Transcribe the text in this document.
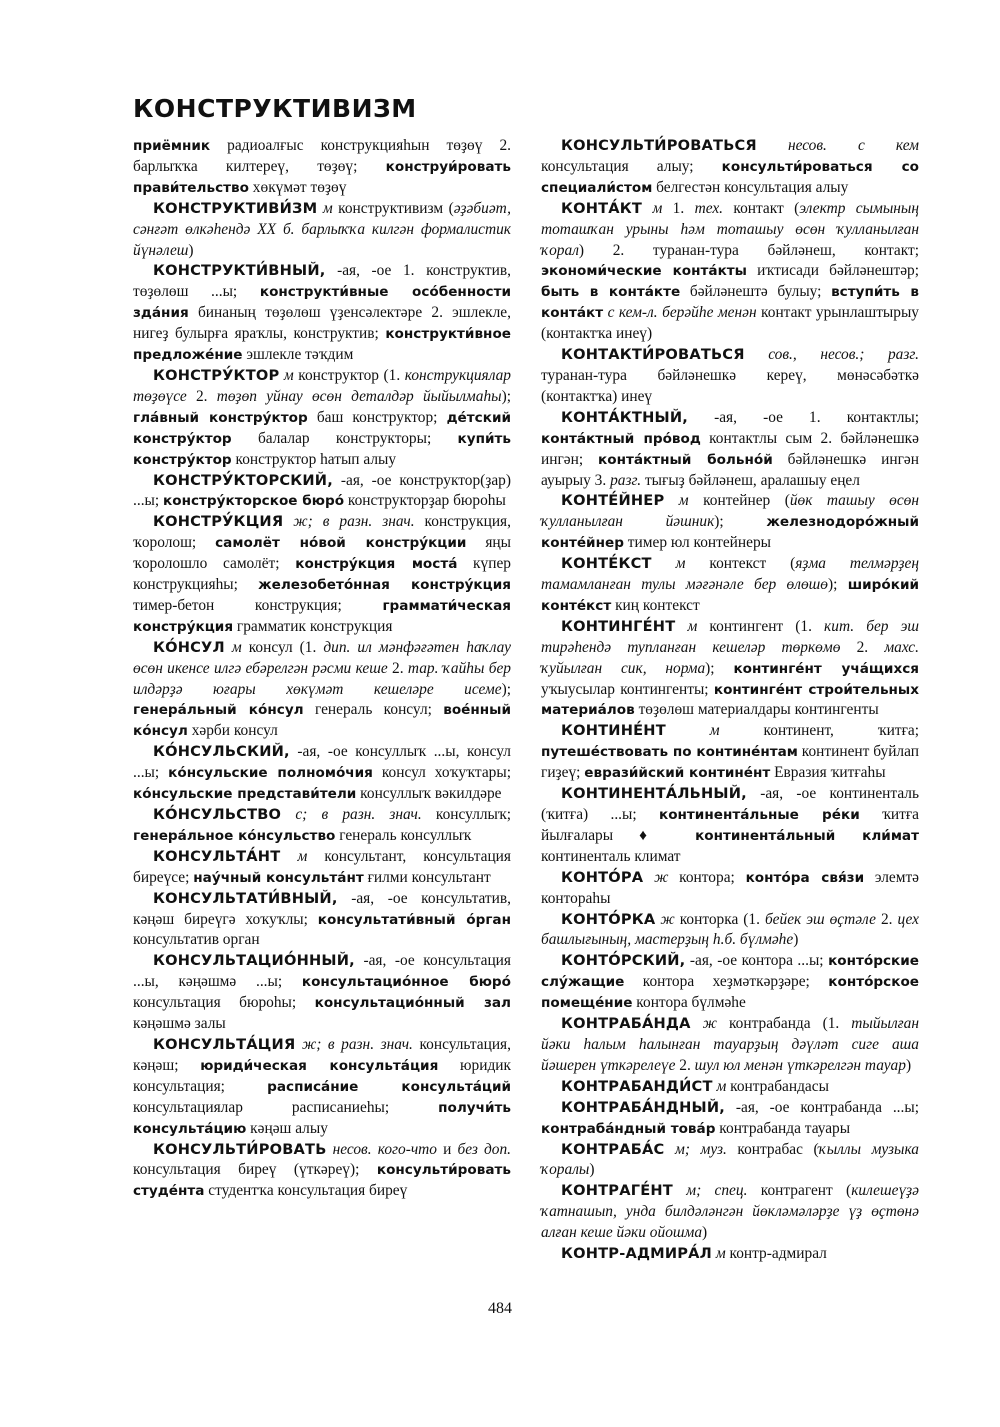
КОНСТРУКТИВИЗМ

приёмник радиоалғыс конструкцияһын төҙөү 2. барлыҡҡа килтереү, төҙөү; конструи́ровать прави́тельство хөкүмәт төҙөү

КОНСТРУКТИВИ́ЗМ м конструктивизм (әҙәбиәт, сәнғәт өлкәһендә XX б. барлыҡҡа килгән формалистик йүнәлеш)

КОНСТРУКТИ́ВНЫЙ, -ая, -ое 1. конструктив, төҙөлөш ...ы; конструкти́вные осо́бенности зда́ния бинаның төҙөлөш үҙенсәлектәре 2. эшлекле, нигеҙ булырға яраҡлы, конструктив; конструкти́вное предложе́ние эшлекле тәҡдим

КОНСТРУ́КТОР м конструктор (1. конструкциялар төҙөүсе 2. төҙөп уйнау өсөн деталдәр йыйылмаһы); гла́вный констру́ктор баш конструктор; де́тский констру́ктор балалар конструкторы; купи́ть констру́ктор конструктор һатып алыу

КОНСТРУ́КТОРСКИЙ, -ая, -ое конструктор(ҙар) ...ы; констру́кторское бюро́ конструкторҙар бюроһы

КОНСТРУ́КЦИЯ ж; в разн. знач. конструкция, ҡоролош; самолёт но́вой констру́кции яңы ҡоролошло самолёт; констру́кция моста́ күпер конструкцияһы; железобето́нная констру́кция тимер-бетон конструкция; граммати́ческая констру́кция грамматик конструкция

КО́НСУЛ м консул (1. дип. ил мәнфәғәтен һаҡлау өсөн икенсе илгә ебәрелгән рәсми кеше 2. тар. ҡайһы бер илдәрҙә юғары хөкүмәт кешеләре исеме); генера́льный ко́нсул генераль консул; вое́нный ко́нсул хәрби консул

КО́НСУЛЬСКИЙ, -ая, -ое консуллыҡ ...ы, консул ...ы; ко́нсульские полномо́чия консул хоҡуҡтары; ко́нсульские представи́тели консуллыҡ вәкилдәре

КО́НСУЛЬСТВО с; в разн. знач. консуллыҡ; генера́льное ко́нсульство генераль консуллыҡ

КОНСУЛЬТА́НТ м консультант, консультация биреүсе; нау́чный консульта́нт ғилми консультант

КОНСУЛЬТАТИ́ВНЫЙ, -ая, -ое консультатив, кәңәш биреүгә хоҡуҡлы; консультати́вный о́рган консультатив орган

КОНСУЛЬТАЦИО́ННЫЙ, -ая, -ое консультация ...ы, кәңәшмә ...ы; консультацио́нное бюро́ консультация бюроһы; консультацио́нный зал кәңәшмә залы

КОНСУЛЬТА́ЦИЯ ж; в разн. знач. консультация, кәңәш; юриди́ческая консульта́ция юридик консультация; расписа́ние консульта́ций консультациялар расписаниеһы; получи́ть консульта́цию кәңәш алыу

КОНСУЛЬТИ́РОВАТЬ несов. кого-что и без доп. консультация биреү (үткәреү); консульти́ровать студе́нта студентҡа консультация биреү

КОНСУЛЬТИ́РОВАТЬСЯ несов. с кем консультация алыу; консульти́роваться со специали́стом белгестән консультация алыу

КОНТА́КТ м 1. тех. контакт (электр сымының тоташҡан урыны һәм тоташыу өсөн ҡулланылған ҡорал) 2. туранан-тура бәйләнеш, контакт; экономи́ческие конта́кты иҡтисади бәйләнештәр; быть в конта́кте бәйләнештә булыу; вступи́ть в конта́кт с кем-л. берәйһе менән контакт урынлаштырыу (контактҡа инеү)

КОНТАКТИ́РОВАТЬСЯ сов., несов.; разг. туранан-тура бәйләнешкә кереү, мөнәсәбәткә (контактҡа) инеү

КОНТА́КТНЫЙ, -ая, -ое 1. контактлы; конта́ктный про́вод контактлы сым 2. бәйләнешкә ингән; конта́ктный больно́й бәйләнешкә ингән ауырыу 3. разг. тығыҙ бәйләнеш, аралашыу еңел

КОНТЕ́ЙНЕР м контейнер (йөк ташыу өсөн ҡулланылған йәшник); железнодоро́жный конте́йнер тимер юл контейнеры

КОНТЕ́КСТ м контекст (яҙма телмәрҙең тамамланған тулы мәғәнәле бер өлөшө); широ́кий конте́кст киң контекст

КОНТИНГЕ́НТ м контингент (1. кит. бер эш тирәһендә тупланған кешеләр төркөмө 2. махс. ҡуйылған сик, норма); континге́нт уча́щихся уҡыусылар контингенты; континге́нт строи́тельных материа́лов төҙөлөш материалдары контингенты

КОНТИНЕ́НТ м континент, ҡитға; путеше́ствовать по контине́нтам континент буйлап гиҙеү; еврази́йский контине́нт Евразия ҡитғаһы

КОНТИНЕНТА́ЛЬНЫЙ, -ая, -ое континенталь (ҡитға) ...ы; континента́льные ре́ки ҡитға йылғалары ♦ континента́льный кли́мат континенталь климат

КОНТО́РА ж контора; конто́ра свя́зи элемтә контораһы

КОНТО́РКА ж конторка (1. бейек эш өҫтәле 2. цех башлығының, мастерҙың һ.б. бүлмәһе)

КОНТО́РСКИЙ, -ая, -ое контора ...ы; конто́рские слу́жащие контора хеҙмәткәрҙәре; конто́рское помеще́ние контора бүлмәһе

КОНТРАБА́НДА ж контрабанда (1. тыйылған йәки һалым һалынған тауарҙың дәүләт сиге аша йәшерен үткәрелеүе 2. шул юл менән үткәрелгән тауар)

КОНТРАБАНДИ́СТ м контрабандасы

КОНТРАБА́НДНЫЙ, -ая, -ое контрабанда ...ы; контраба́ндный това́р контрабанда тауары

КОНТРАБА́С м; муз. контрабас (ҡыллы музыка ҡоралы)

КОНТРАГЕ́НТ м; спец. контрагент (килешеүҙә ҡатнашып, унда билдәләнгән йөкләмәләрҙе үҙ өҫтөнә алған кеше йәки ойошма)

КОНТР-АДМИРА́Л м контр-адмирал

484
